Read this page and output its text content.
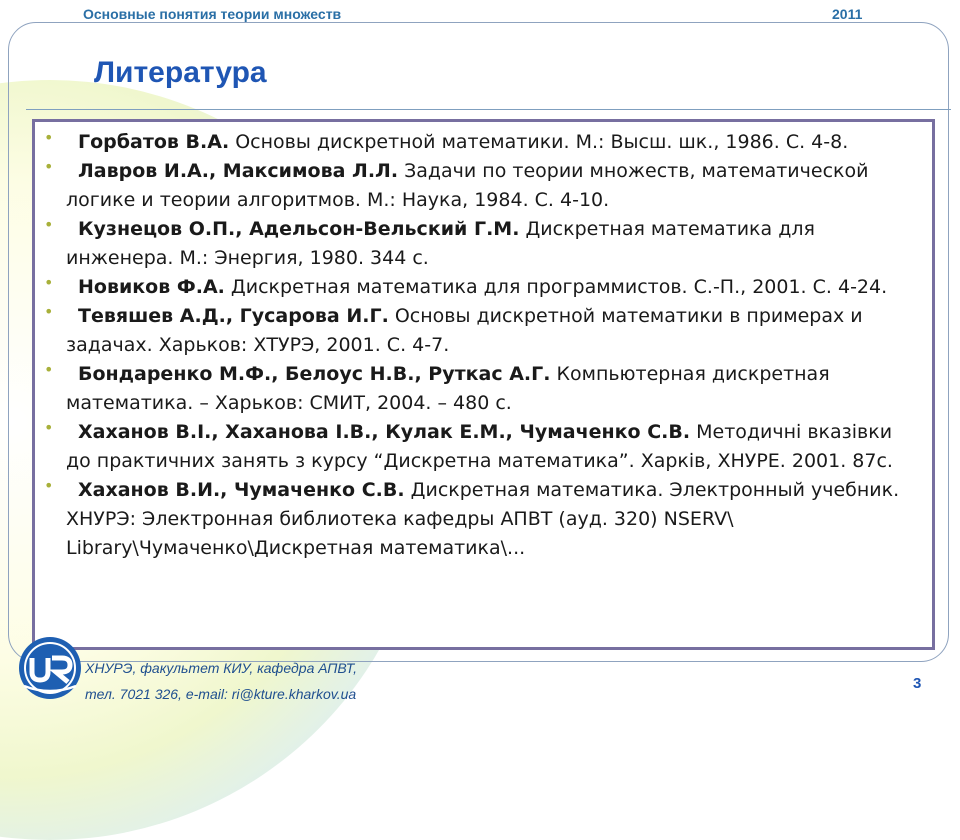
Основные понятия теории множеств	2011
Литература
• Горбатов В.А. Основы дискретной математики. М.: Высш. шк., 1986. С. 4-8.
• Лавров И.А., Максимова Л.Л. Задачи по теории множеств, математической логике и теории алгоритмов. М.: Наука, 1984. С. 4-10.
• Кузнецов О.П., Адельсон-Вельский Г.М. Дискретная математика для инженера. М.: Энергия, 1980. 344 с.
• Новиков Ф.А. Дискретная математика для программистов. С.-П., 2001. С. 4-24.
• Тевяшев А.Д., Гусарова И.Г. Основы дискретной математики в примерах и задачах. Харьков: ХТУРЭ, 2001. С. 4-7.
• Бондаренко М.Ф., Белоус Н.В., Руткас А.Г. Компьютерная дискретная математика. – Харьков: СМИТ, 2004. – 480 с.
• Хаханов В.І., Хаханова І.В., Кулак Е.М., Чумаченко С.В. Методичні вказівки до практичних занять з курсу “Дискретна математика”. Харків, ХНУРЕ. 2001. 87с.
• Хаханов В.И., Чумаченко С.В. Дискретная математика. Электронный учебник. ХНУРЭ: Электронная библиотека кафедры АПВТ (ауд. 320) NSERV\ Library\Чумаченко\Дискретная математика\...
ХНУРЭ, факультет КИУ, кафедра АПВТ,
тел. 7021 326, e-mail: ri@kture.kharkov.ua
3
